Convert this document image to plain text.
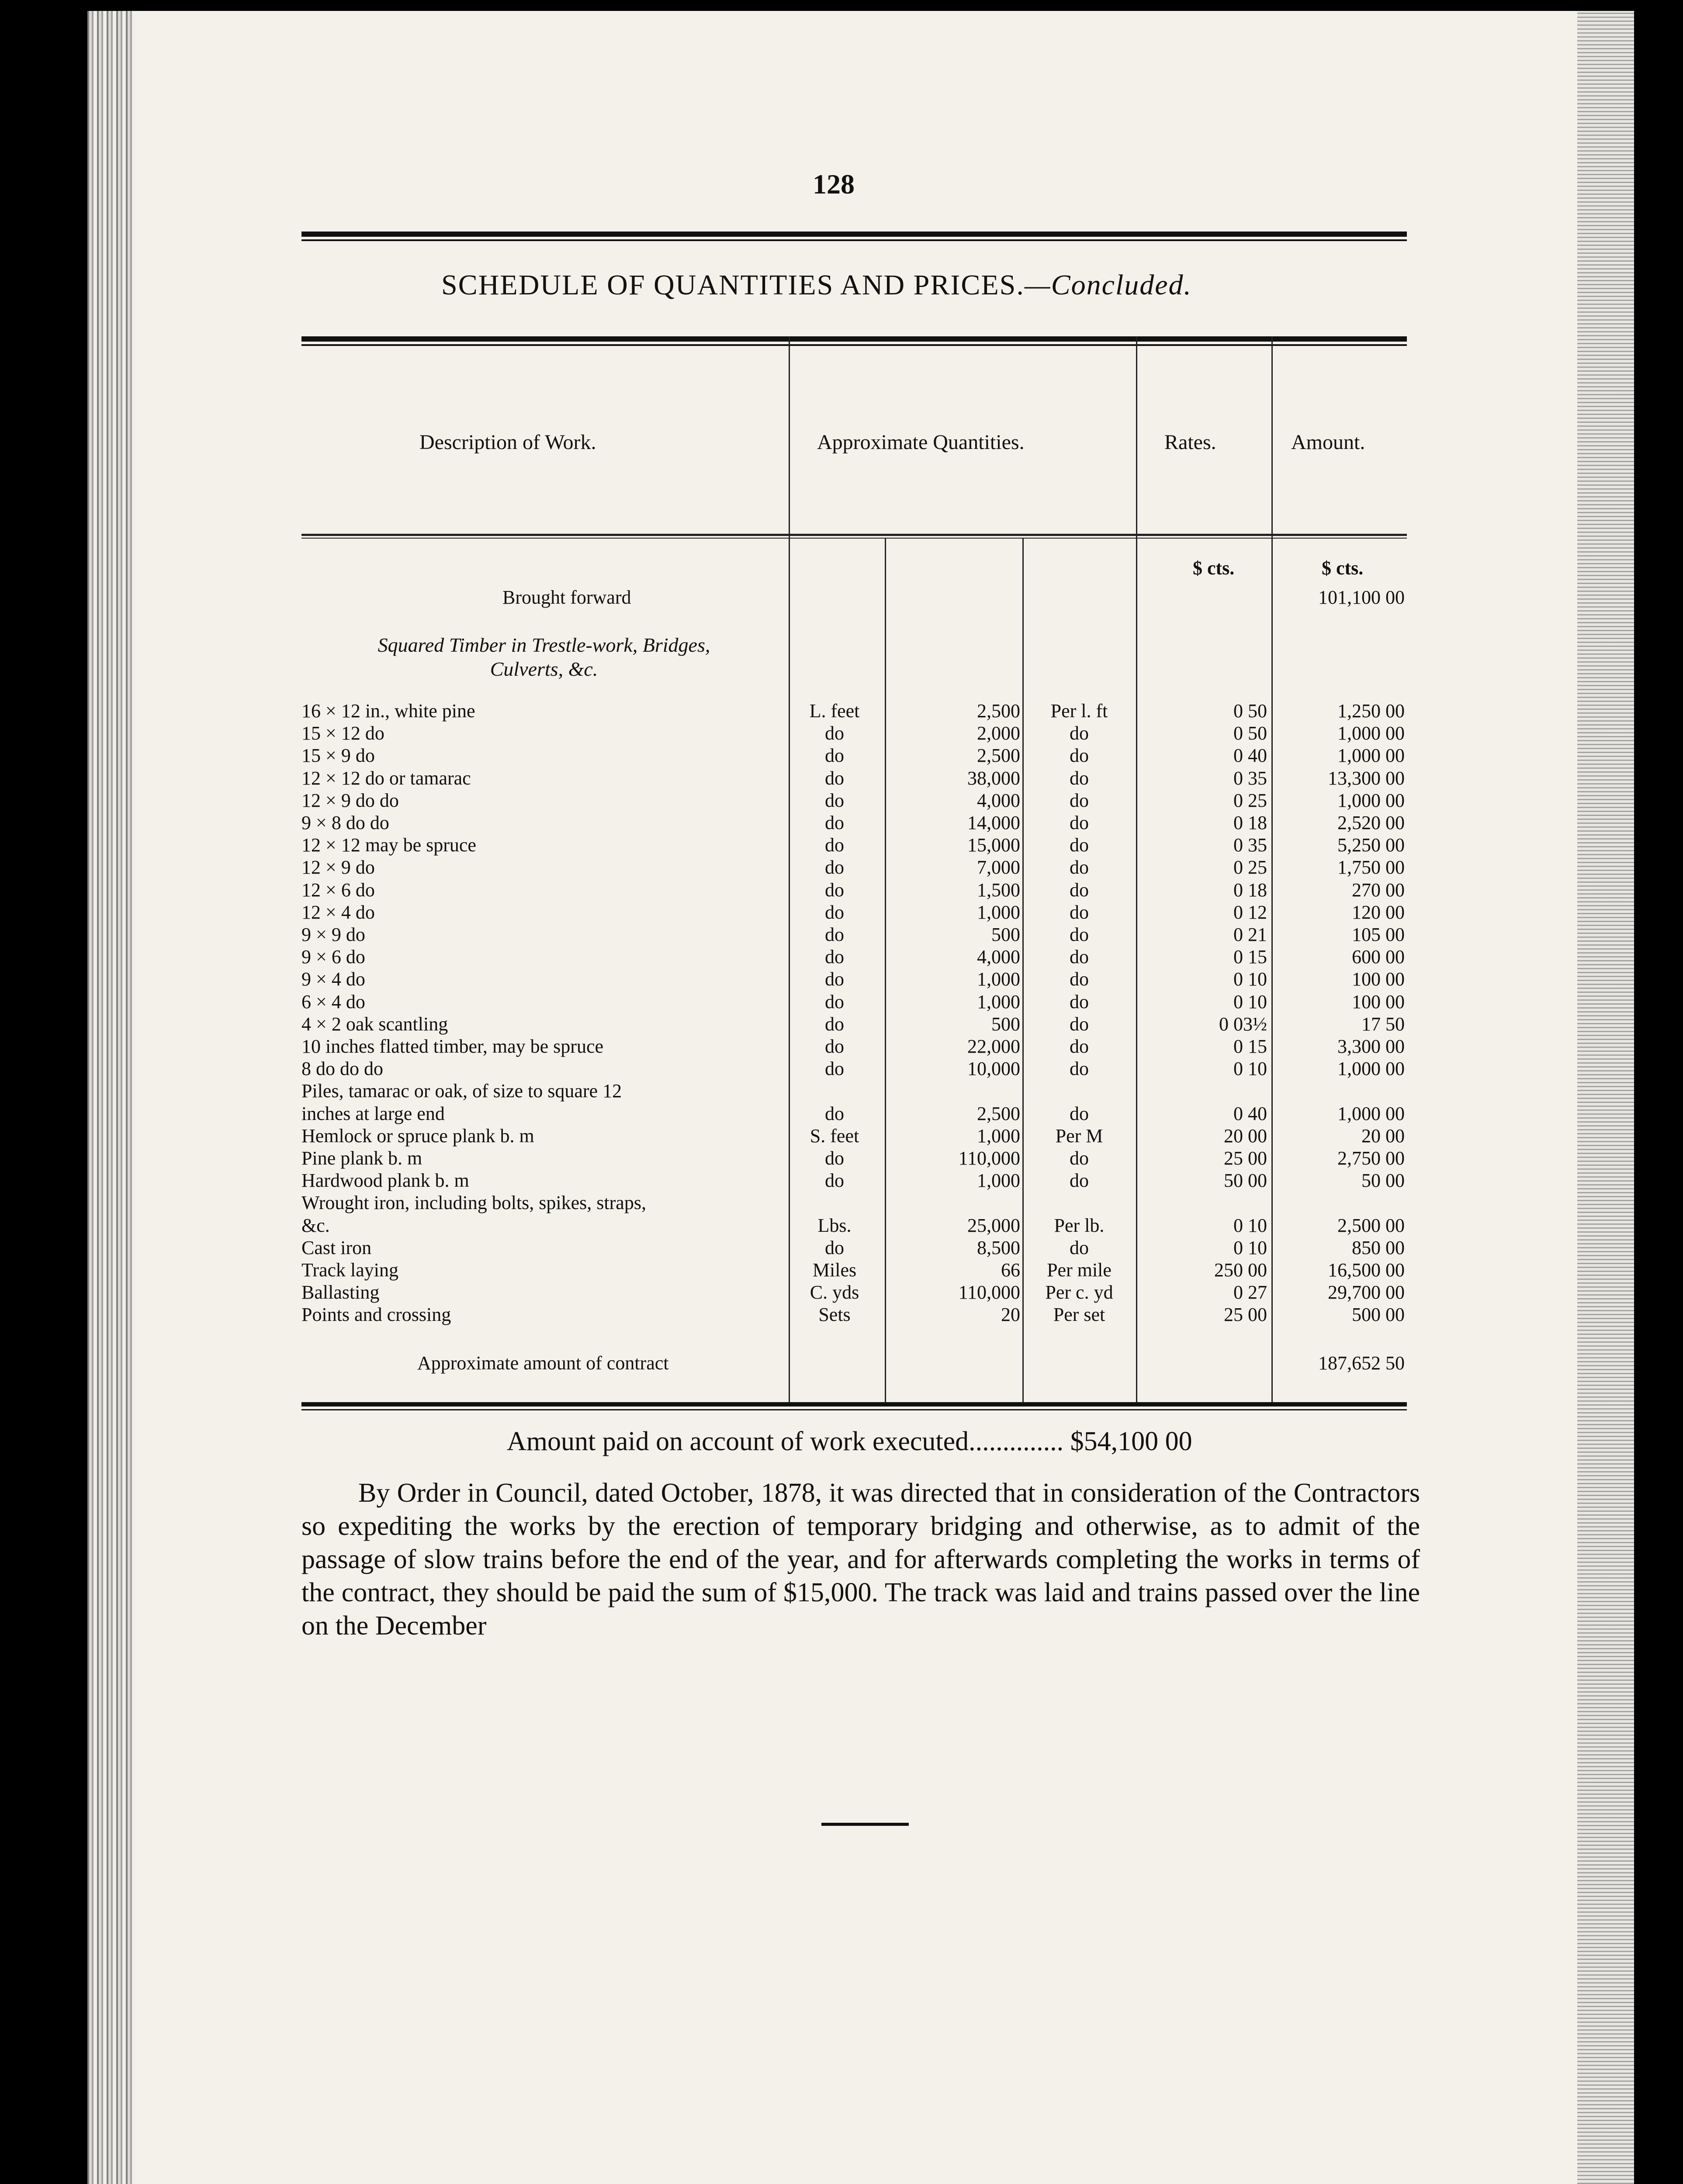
128
SCHEDULE OF QUANTITIES AND PRICES.—Concluded.
Description of Work.	Approximate Quantities.	Rates.	Amount.
$ cts.	$ cts.
Brought forward	101,100 00
Squared Timber in Trestle-work, Bridges,
Culverts, &c.
16 × 12 in., white pine	L. feet	2,500	Per l. ft	0 50	1,250 00
15 × 12 do	do	2,000	do	0 50	1,000 00
15 × 9 do	do	2,500	do	0 40	1,000 00
12 × 12 do or tamarac	do	38,000	do	0 35	13,300 00
12 × 9 do do	do	4,000	do	0 25	1,000 00
9 × 8 do do	do	14,000	do	0 18	2,520 00
12 × 12 may be spruce	do	15,000	do	0 35	5,250 00
12 × 9 do	do	7,000	do	0 25	1,750 00
12 × 6 do	do	1,500	do	0 18	270 00
12 × 4 do	do	1,000	do	0 12	120 00
9 × 9 do	do	500	do	0 21	105 00
9 × 6 do	do	4,000	do	0 15	600 00
9 × 4 do	do	1,000	do	0 10	100 00
6 × 4 do	do	1,000	do	0 10	100 00
4 × 2 oak scantling	do	500	do	0 03½	17 50
10 inches flatted timber, may be spruce	do	22,000	do	0 15	3,300 00
8 do do do	do	10,000	do	0 10	1,000 00
Piles, tamarac or oak, of size to square 12
inches at large end	do	2,500	do	0 40	1,000 00
Hemlock or spruce plank b. m	S. feet	1,000	Per M	20 00	20 00
Pine plank b. m	do	110,000	do	25 00	2,750 00
Hardwood plank b. m	do	1,000	do	50 00	50 00
Wrought iron, including bolts, spikes, straps,
&c.	Lbs.	25,000	Per lb.	0 10	2,500 00
Cast iron	do	8,500	do	0 10	850 00
Track laying	Miles	66	Per mile	250 00	16,500 00
Ballasting	C. yds	110,000	Per c. yd	0 27	29,700 00
Points and crossing	Sets	20	Per set	25 00	500 00
Approximate amount of contract	187,652 50
Amount paid on account of work executed.............. $54,100 00

By Order in Council, dated October, 1878, it was directed that in consideration of the Contractors so expediting the works by the erection of temporary bridging and otherwise, as to admit of the passage of slow trains before the end of the year, and for afterwards completing the works in terms of the contract, they should be paid the sum of $15,000. The track was laid and trains passed over the line on the December
